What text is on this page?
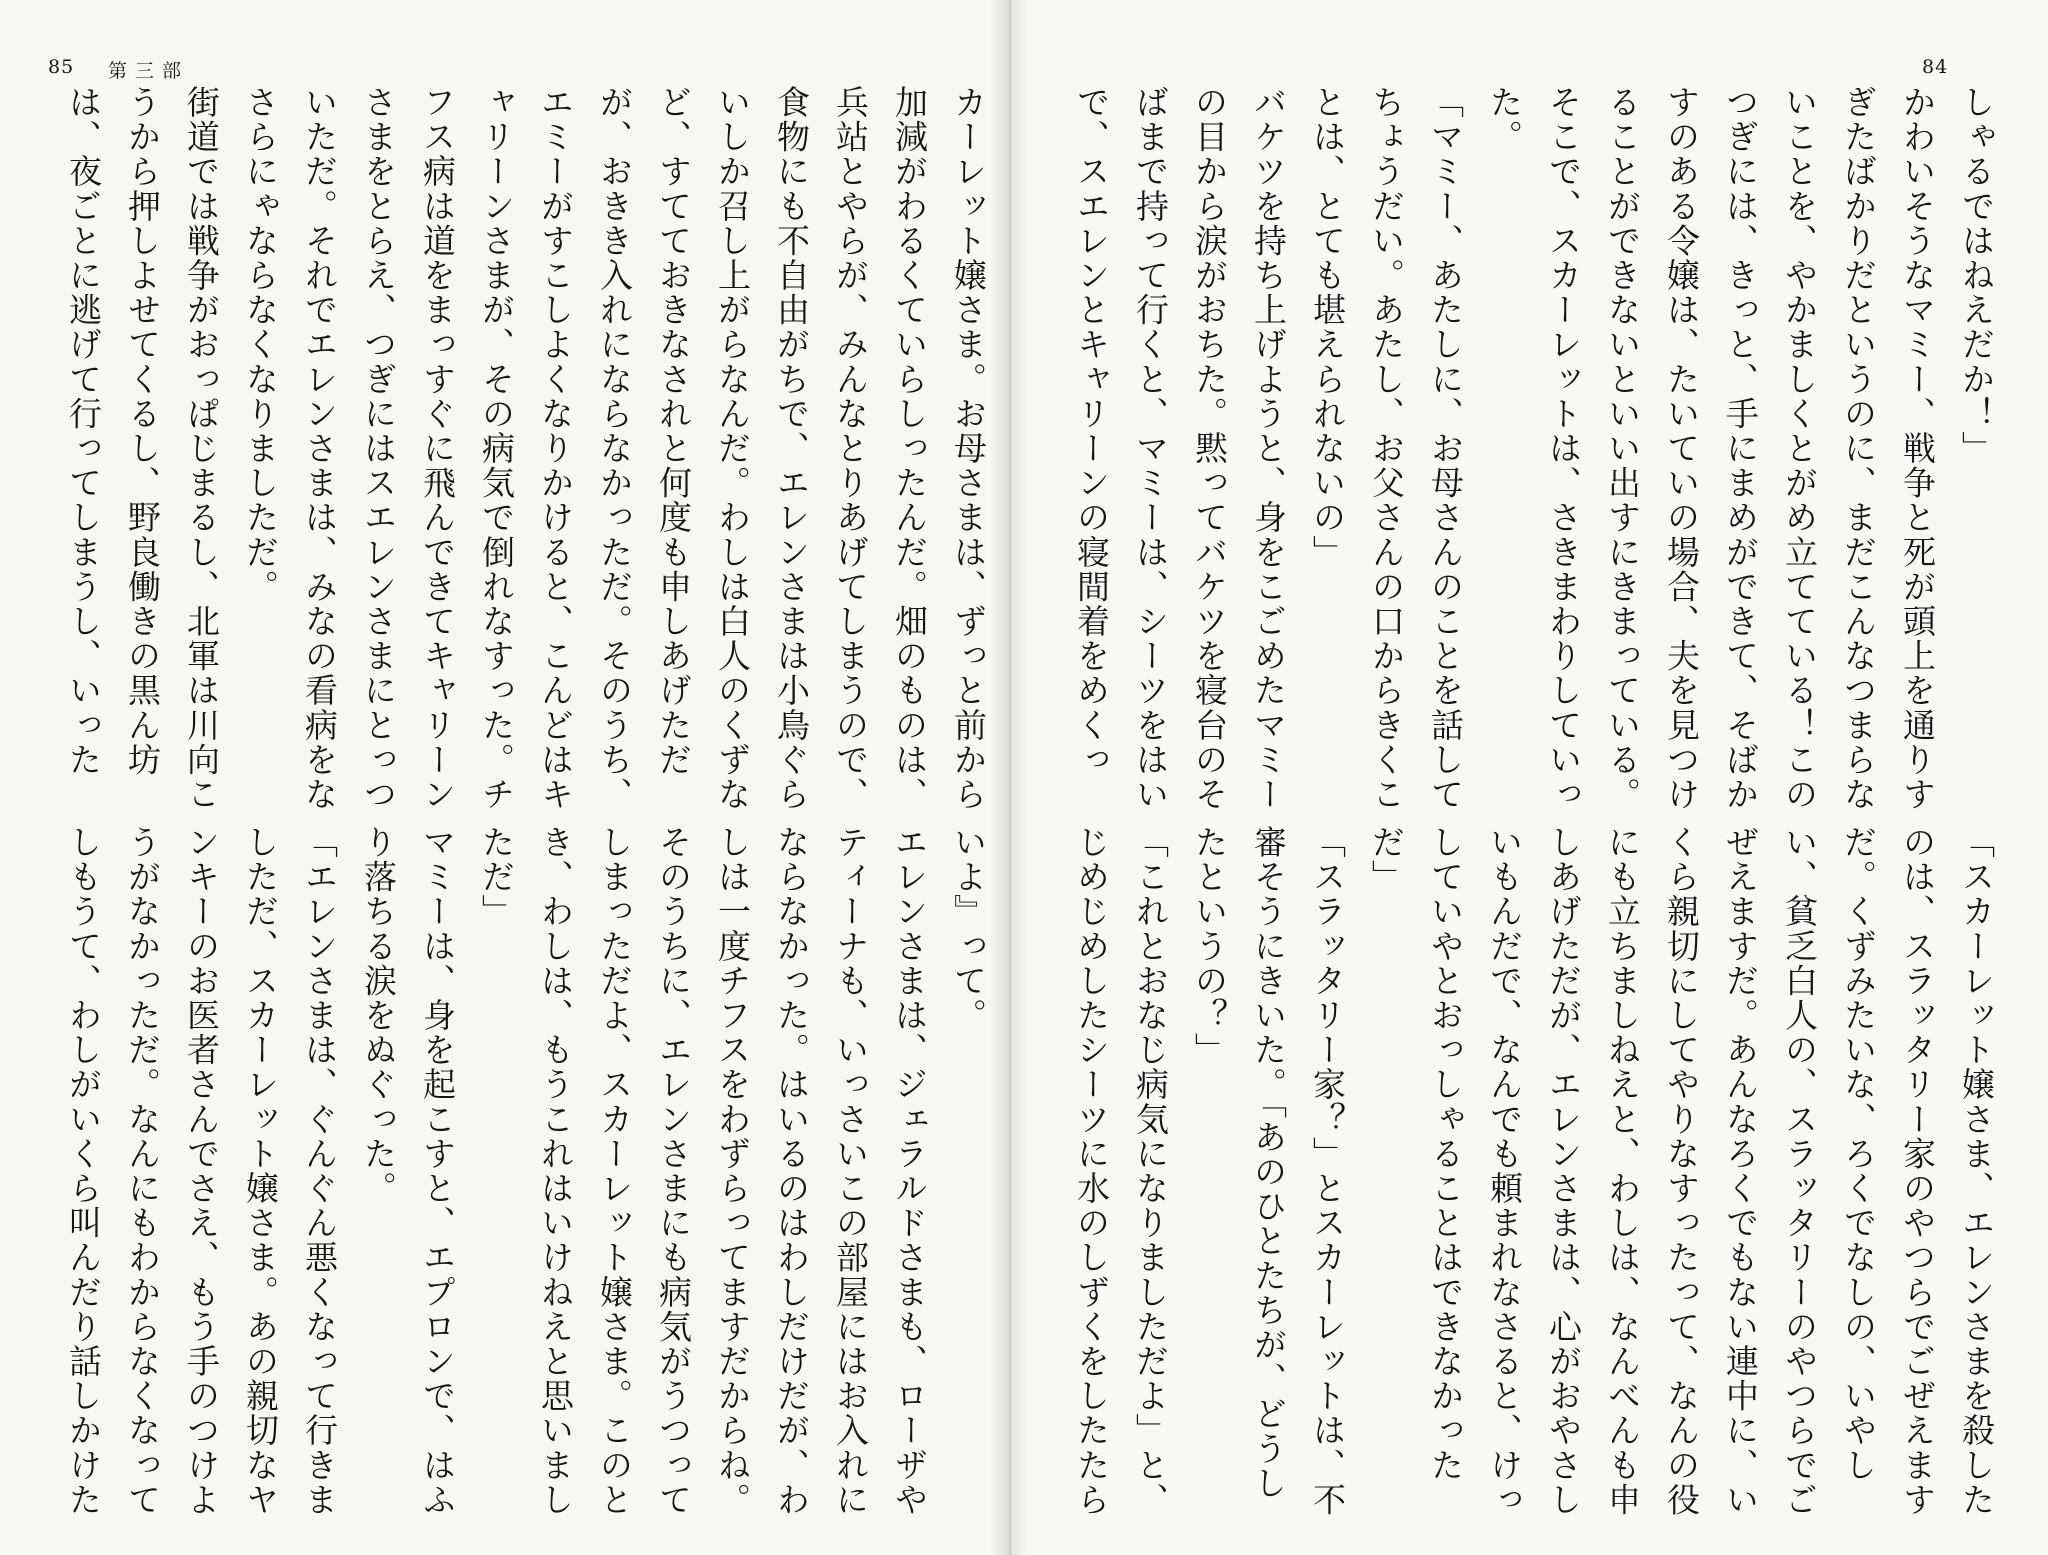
85 第三部
カーレット嬢さま。お母さまは、ずっと前から加減がわるくていらしったんだ。畑のものは、兵站とやらが、みんなとりあげてしまうので、食物にも不自由がちで、エレンさまは小鳥ぐらいしか召し上がらなんだ。わしは白人のくずなど、すてておきなされと何度も申しあげただが、おきき入れにならなかっただ。そのうち、エミーがすこしよくなりかけると、こんどはキャリーンさまが、その病気で倒れなすった。チフス病は道をまっすぐに飛んできてキャリーンさまをとらえ、つぎにはスエレンさまにとっついただ。それでエレンさまは、みなの看病をなさらにゃならなくなりましただ。
街道では戦争がおっぱじまるし、北軍は川向こうから押しよせてくるし、野良働きの黒ん坊は、夜ごとに逃げて行ってしまうし、いった
いよ』って。
エレンさまは、ジェラルドさまも、ローザやティーナも、いっさいこの部屋にはお入れにならなかった。はいるのはわしだけだが、わしは一度チフスをわずらってますだからね。そのうちに、エレンさまにも病気がうつってしまっただよ、スカーレット嬢さま。このとき、わしは、もうこれはいけねえと思いましただ」
マミーは、身を起こすと、エプロンで、はふり落ちる涙をぬぐった。
「エレンさまは、ぐんぐん悪くなって行きましただ、スカーレット嬢さま。あの親切なヤンキーのお医者さんでさえ、もう手のつけようがなかっただ。なんにもわからなくなってしもうて、わしがいくら叫んだり話しかけた

84
しゃるではねえだか！」
かわいそうなマミー、戦争と死が頭上を通りすぎたばかりだというのに、まだこんなつまらないことを、やかましくとがめ立てている！このつぎには、きっと、手にまめができて、そばかすのある令嬢は、たいていの場合、夫を見つけることができないといい出すにきまっている。そこで、スカーレットは、さきまわりしていった。
「マミー、あたしに、お母さんのことを話してちょうだい。あたし、お父さんの口からきくことは、とても堪えられないの」
バケツを持ち上げようと、身をこごめたマミーの目から涙がおちた。黙ってバケツを寝台のそばまで持って行くと、マミーは、シーツをはいで、スエレンとキャリーンの寝間着をめくっ
「スカーレット嬢さま、エレンさまを殺したのは、スラッタリー家のやつらでごぜえますだ。くずみたいな、ろくでなしの、いやしい、貧乏白人の、スラッタリーのやつらでごぜえますだ。あんなろくでもない連中に、いくら親切にしてやりなすったって、なんの役にも立ちましねえと、わしは、なんべんも申しあげただが、エレンさまは、心がおやさしいもんだで、なんでも頼まれなさると、けっしていやとおっしゃることはできなかっただ」
「スラッタリー家？」とスカーレットは、不審そうにきいた。「あのひとたちが、どうしたというの？」
「これとおなじ病気になりましただよ」と、じめじめしたシーツに水のしずくをしたたら
